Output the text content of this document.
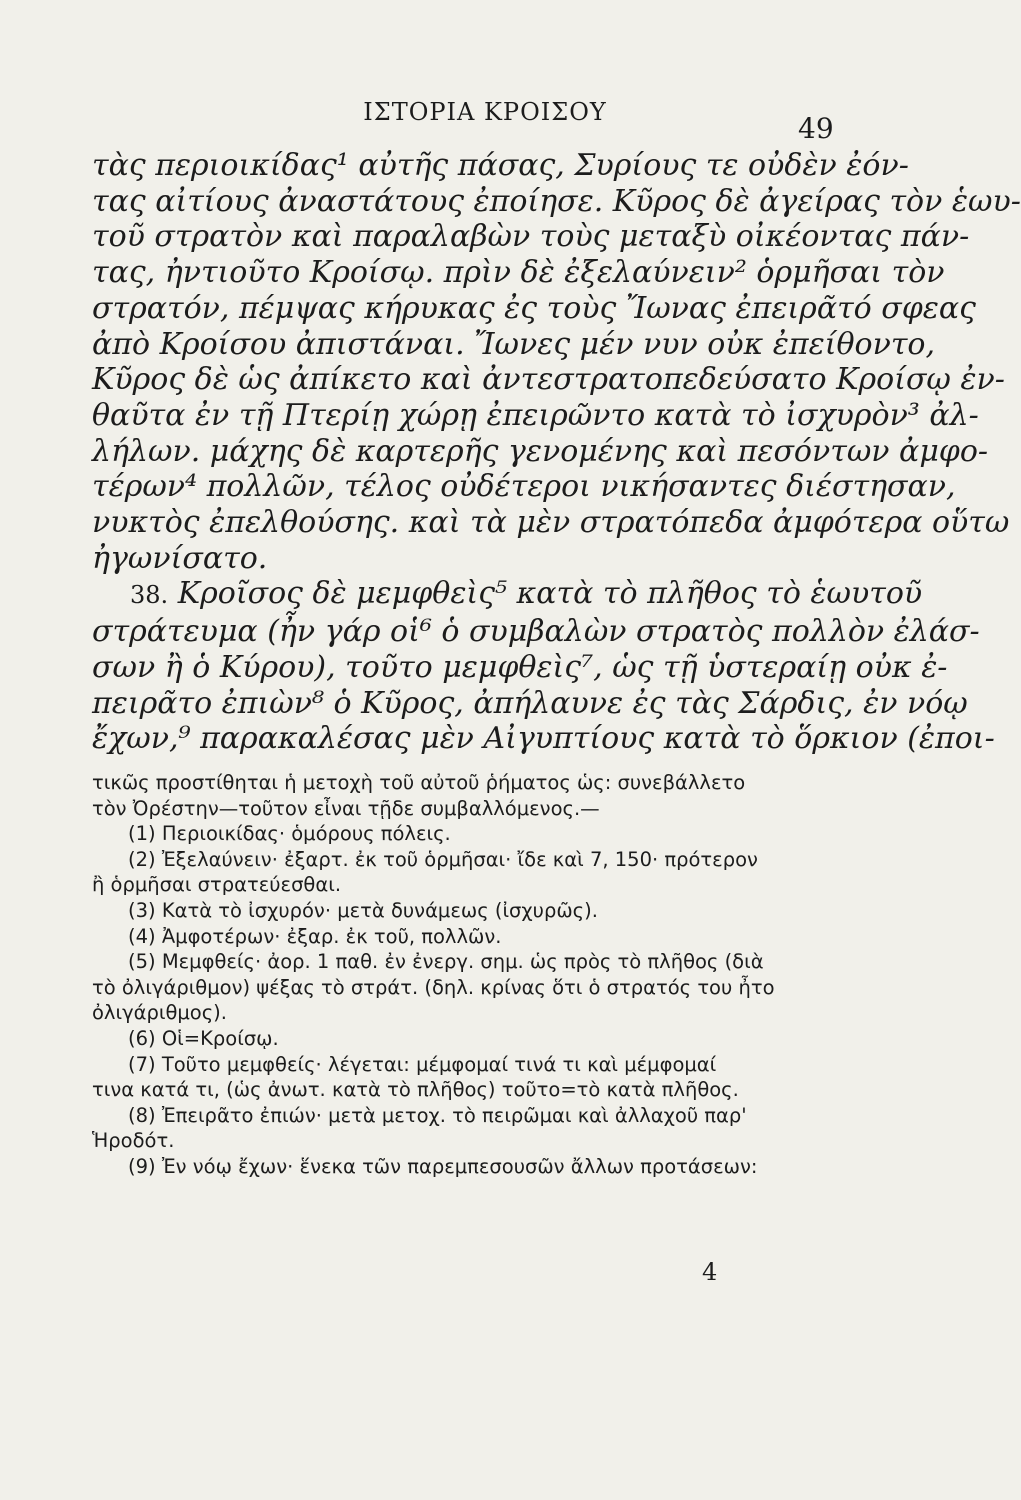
ΙΣΤΟΡΙΑ ΚΡΟΙΣΟΥ	49
τὰς περιοικίδας¹ αὐτῆς πάσας, Συρίους τε οὐδὲν ἐόν-
τας αἰτίους ἀναστάτους ἐποίησε. Κῦρος δὲ ἀγείρας τὸν ἑωυ-
τοῦ στρατὸν καὶ παραλαβὼν τοὺς μεταξὺ οἰκέοντας πάν-
τας, ἠντιοῦτο Κροίσῳ. πρὶν δὲ ἐξελαύνειν² ὁρμῆσαι τὸν
στρατόν, πέμψας κήρυκας ἐς τοὺς Ἴωνας ἐπειρᾶτό σφεας
ἀπὸ Κροίσου ἀπιστάναι. Ἴωνες μέν νυν οὐκ ἐπείθοντο,
Κῦρος δὲ ὡς ἀπίκετο καὶ ἀντεστρατοπεδεύσατο Κροίσῳ ἐν-
θαῦτα ἐν τῇ Πτερίῃ χώρῃ ἐπειρῶντο κατὰ τὸ ἰσχυρὸν³ ἀλ-
λήλων. μάχης δὲ καρτερῆς γενομένης καὶ πεσόντων ἀμφο-
τέρων⁴ πολλῶν, τέλος οὐδέτεροι νικήσαντες διέστησαν,
νυκτὸς ἐπελθούσης. καὶ τὰ μὲν στρατόπεδα ἀμφότερα οὕτω
ἠγωνίσατο.
38. Κροῖσος δὲ μεμφθεὶς⁵ κατὰ τὸ πλῆθος τὸ ἑωυτοῦ
στράτευμα (ἦν γάρ οἱ⁶ ὁ συμβαλὼν στρατὸς πολλὸν ἐλάσ-
σων ἢ ὁ Κύρου), τοῦτο μεμφθεὶς⁷, ὡς τῇ ὑστεραίῃ οὐκ ἐ-
πειρᾶτο ἐπιὼν⁸ ὁ Κῦρος, ἀπήλαυνε ἐς τὰς Σάρδις, ἐν νόῳ
ἔχων,⁹ παρακαλέσας μὲν Αἰγυπτίους κατὰ τὸ ὅρκιον (ἐποι-
τικῶς προστίθηται ἡ μετοχὴ τοῦ αὐτοῦ ῥήματος ὡς: συνεβάλλετο
τὸν Ὀρέστην—τοῦτον εἶναι τῇδε συμβαλλόμενος.—
(1) Περιοικίδας· ὁμόρους πόλεις.
(2) Ἐξελαύνειν· ἐξαρτ. ἐκ τοῦ ὁρμῆσαι· ἴδε καὶ 7, 150· πρότερον
ἢ ὁρμῆσαι στρατεύεσθαι.
(3) Κατὰ τὸ ἰσχυρόν· μετὰ δυνάμεως (ἰσχυρῶς).
(4) Ἀμφοτέρων· ἐξαρ. ἐκ τοῦ, πολλῶν.
(5) Μεμφθείς· ἀορ. 1 παθ. ἐν ἐνεργ. σημ. ὡς πρὸς τὸ πλῆθος (διὰ
τὸ ὀλιγάριθμον) ψέξας τὸ στράτ. (δηλ. κρίνας ὅτι ὁ στρατός του ἦτο
ὀλιγάριθμος).
(6) Οἱ=Κροίσῳ.
(7) Τοῦτο μεμφθείς· λέγεται: μέμφομαί τινά τι καὶ μέμφομαί
τινα κατά τι, (ὡς ἀνωτ. κατὰ τὸ πλῆθος) τοῦτο=τὸ κατὰ πλῆθος.
(8) Ἐπειρᾶτο ἐπιών· μετὰ μετοχ. τὸ πειρῶμαι καὶ ἀλλαχοῦ παρ'
Ἡροδότ.
(9) Ἐν νόῳ ἔχων· ἕνεκα τῶν παρεμπεσουσῶν ἄλλων προτάσεων:
4
